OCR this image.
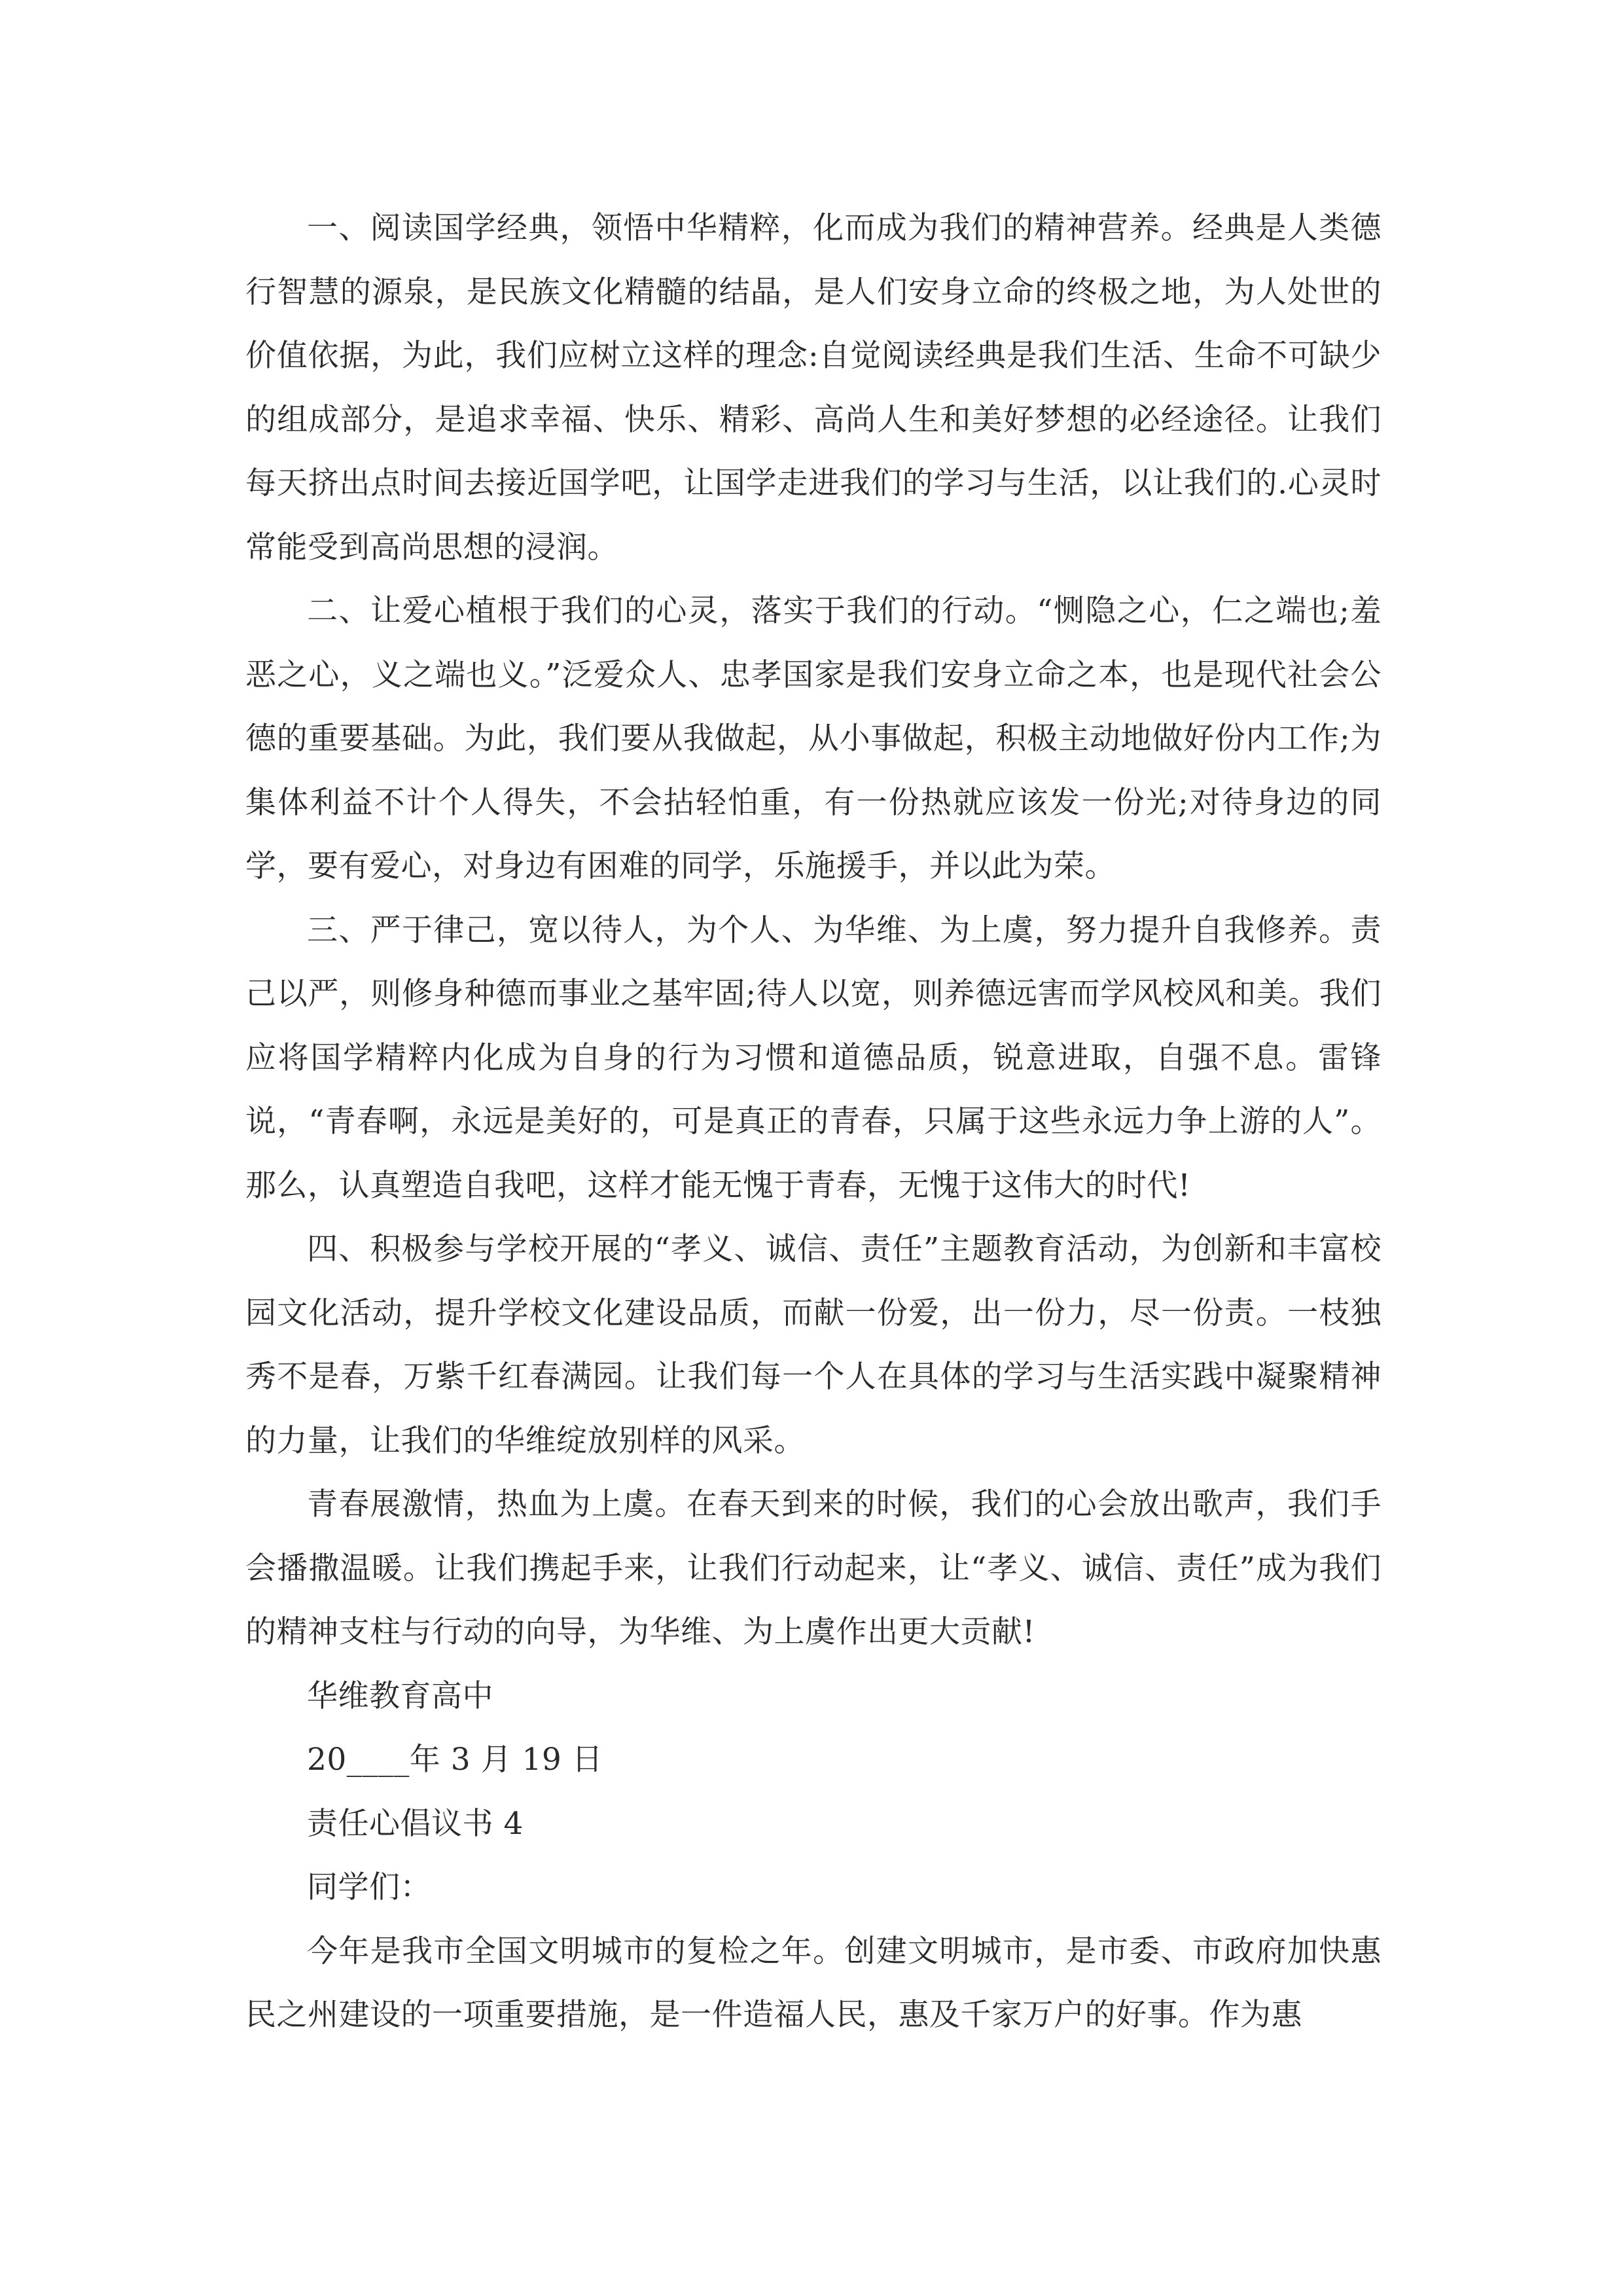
一、阅读国学经典，领悟中华精粹，化而成为我们的精神营养。经典是人类德行智慧的源泉，是民族文化精髓的结晶，是人们安身立命的终极之地，为人处世的价值依据，为此，我们应树立这样的理念:自觉阅读经典是我们生活、生命不可缺少的组成部分，是追求幸福、快乐、精彩、高尚人生和美好梦想的必经途径。让我们每天挤出点时间去接近国学吧，让国学走进我们的学习与生活，以让我们的.心灵时常能受到高尚思想的浸润。

二、让爱心植根于我们的心灵，落实于我们的行动。“恻隐之心，仁之端也;羞恶之心，义之端也义。”泛爱众人、忠孝国家是我们安身立命之本，也是现代社会公德的重要基础。为此，我们要从我做起，从小事做起，积极主动地做好份内工作;为集体利益不计个人得失，不会拈轻怕重，有一份热就应该发一份光;对待身边的同学，要有爱心，对身边有困难的同学，乐施援手，并以此为荣。

三、严于律己，宽以待人，为个人、为华维、为上虞，努力提升自我修养。责己以严，则修身种德而事业之基牢固;待人以宽，则养德远害而学风校风和美。我们应将国学精粹内化成为自身的行为习惯和道德品质，锐意进取，自强不息。雷锋说，“青春啊，永远是美好的，可是真正的青春，只属于这些永远力争上游的人”。那么，认真塑造自我吧，这样才能无愧于青春，无愧于这伟大的时代!

四、积极参与学校开展的“孝义、诚信、责任”主题教育活动，为创新和丰富校园文化活动，提升学校文化建设品质，而献一份爱，出一份力，尽一份责。一枝独秀不是春，万紫千红春满园。让我们每一个人在具体的学习与生活实践中凝聚精神的力量，让我们的华维绽放别样的风采。

青春展激情，热血为上虞。在春天到来的时候，我们的心会放出歌声，我们手会播撒温暖。让我们携起手来，让我们行动起来，让“孝义、诚信、责任”成为我们的精神支柱与行动的向导，为华维、为上虞作出更大贡献!

华维教育高中

20____年 3 月 19 日

责任心倡议书 4

同学们：

今年是我市全国文明城市的复检之年。创建文明城市，是市委、市政府加快惠民之州建设的一项重要措施，是一件造福人民，惠及千家万户的好事。作为惠
